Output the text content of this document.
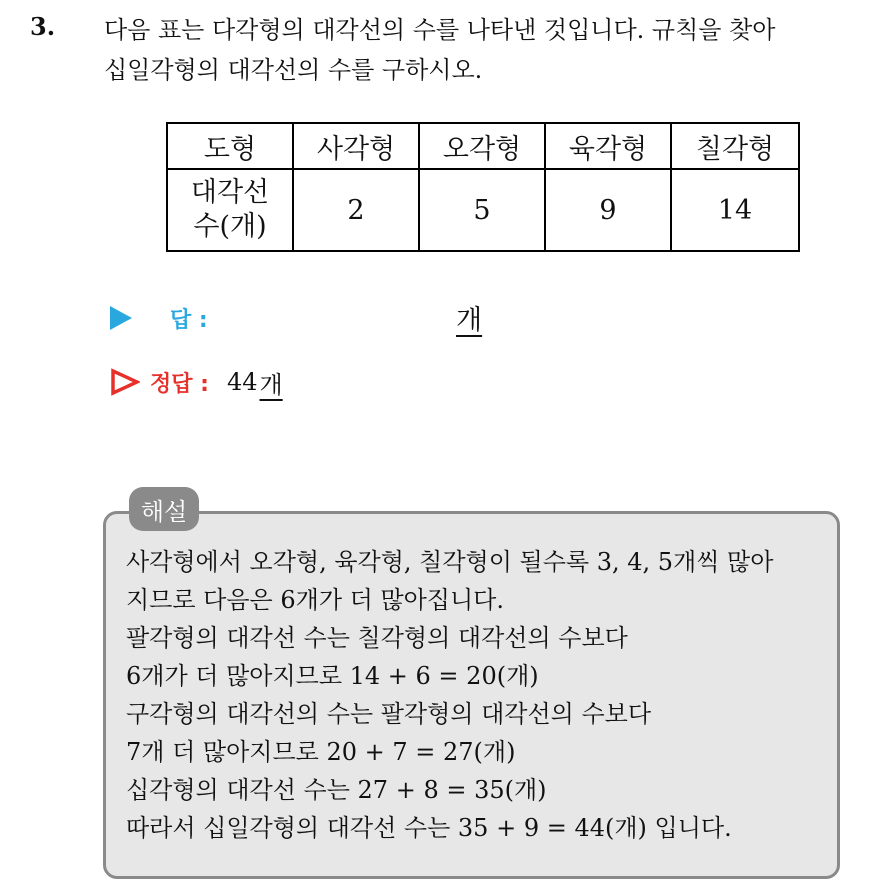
3. 다음 표는 다각형의 대각선의 수를 나타낸 것입니다. 규칙을 찾아
십일각형의 대각선의 수를 구하시오.

도형	사각형	오각형	육각형	칠각형

대각선
수(개)	2	5	9	14
답 :	개
정답 : 44 개
해설

사각형에서 오각형, 육각형, 칠각형이 될수록 3, 4, 5개씩 많아
지므로 다음은 6개가 더 많아집니다.
팔각형의 대각선 수는 칠각형의 대각선의 수보다
6개가 더 많아지므로 14 + 6 = 20(개)
구각형의 대각선의 수는 팔각형의 대각선의 수보다
7개 더 많아지므로 20 + 7 = 27(개)
십각형의 대각선 수는 27 + 8 = 35(개)
따라서 십일각형의 대각선 수는 35 + 9 = 44(개) 입니다.
